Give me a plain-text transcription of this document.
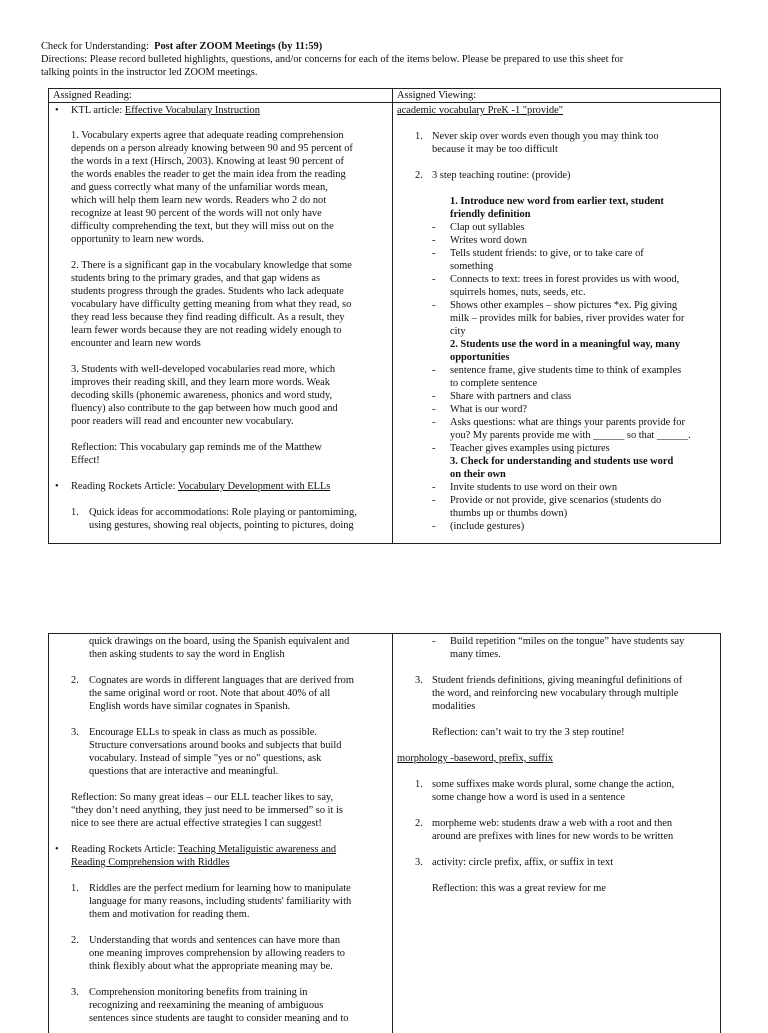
Check for Understanding: Post after ZOOM Meetings (by 11:59)

Directions: Please record bulleted highlights, questions, and/or concerns for each of the items below. Please be prepared to use this sheet for

talking points in the instructor led ZOOM meetings.

Assigned Reading:
• KTL article: Effective Vocabulary Instruction
1. Vocabulary experts agree that adequate reading comprehension
depends on a person already knowing between 90 and 95 percent of
the words in a text (Hirsch, 2003). Knowing at least 90 percent of
the words enables the reader to get the main idea from the reading
and guess correctly what many of the unfamiliar words mean,
which will help them learn new words. Readers who 2 do not
recognize at least 90 percent of the words will not only have
difficulty comprehending the text, but they will miss out on the
opportunity to learn new words.
2. There is a significant gap in the vocabulary knowledge that some
students bring to the primary grades, and that gap widens as
students progress through the grades. Students who lack adequate
vocabulary have difficulty getting meaning from what they read, so
they read less because they find reading difficult. As a result, they
learn fewer words because they are not reading widely enough to
encounter and learn new words
3. Students with well-developed vocabularies read more, which
improves their reading skill, and they learn more words. Weak
decoding skills (phonemic awareness, phonics and word study,
fluency) also contribute to the gap between how much good and
poor readers will read and encounter new vocabulary.
Reflection: This vocabulary gap reminds me of the Matthew
Effect!
• Reading Rockets Article: Vocabulary Development with ELLs
1. Quick ideas for accommodations: Role playing or pantomiming,
using gestures, showing real objects, pointing to pictures, doing
Assigned Viewing:
academic vocabulary PreK -1 "provide"
1. Never skip over words even though you may think too
because it may be too difficult
2. 3 step teaching routine: (provide)
1. Introduce new word from earlier text, student
friendly definition
- Clap out syllables
- Writes word down
- Tells student friends: to give, or to take care of
something
- Connects to text: trees in forest provides us with wood,
squirrels homes, nuts, seeds, etc.
- Shows other examples – show pictures *ex. Pig giving
milk – provides milk for babies, river provides water for
city
2. Students use the word in a meaningful way, many
opportunities
- sentence frame, give students time to think of examples
to complete sentence
- Share with partners and class
- What is our word?
- Asks questions: what are things your parents provide for
you? My parents provide me with ______ so that ______.
- Teacher gives examples using pictures
3. Check for understanding and students use word
on their own
- Invite students to use word on their own
- Provide or not provide, give scenarios (students do
thumbs up or thumbs down)
- (include gestures)
quick drawings on the board, using the Spanish equivalent and
then asking students to say the word in English
2. Cognates are words in different languages that are derived from
the same original word or root. Note that about 40% of all
English words have similar cognates in Spanish.
3. Encourage ELLs to speak in class as much as possible.
Structure conversations around books and subjects that build
vocabulary. Instead of simple "yes or no" questions, ask
questions that are interactive and meaningful.
Reflection: So many great ideas – our ELL teacher likes to say,
“they don’t need anything, they just need to be immersed” so it is
nice to see there are actual effective strategies I can suggest!
• Reading Rockets Article: Teaching Metaliguistic awareness and
Reading Comprehension with Riddles
1. Riddles are the perfect medium for learning how to manipulate
language for many reasons, including students' familiarity with
them and motivation for reading them.
2. Understanding that words and sentences can have more than
one meaning improves comprehension by allowing readers to
think flexibly about what the appropriate meaning may be.
3. Comprehension monitoring benefits from training in
recognizing and reexamining the meaning of ambiguous
sentences since students are taught to consider meaning and to
- Build repetition “miles on the tongue” have students say
many times.
3. Student friends definitions, giving meaningful definitions of
the word, and reinforcing new vocabulary through multiple
modalities
Reflection: can’t wait to try the 3 step routine!
morphology -baseword, prefix, suffix
1. some suffixes make words plural, some change the action,
some change how a word is used in a sentence
2. morpheme web: students draw a web with a root and then
around are prefixes with lines for new words to be written
3. activity: circle prefix, affix, or suffix in text
Reflection: this was a great review for me
